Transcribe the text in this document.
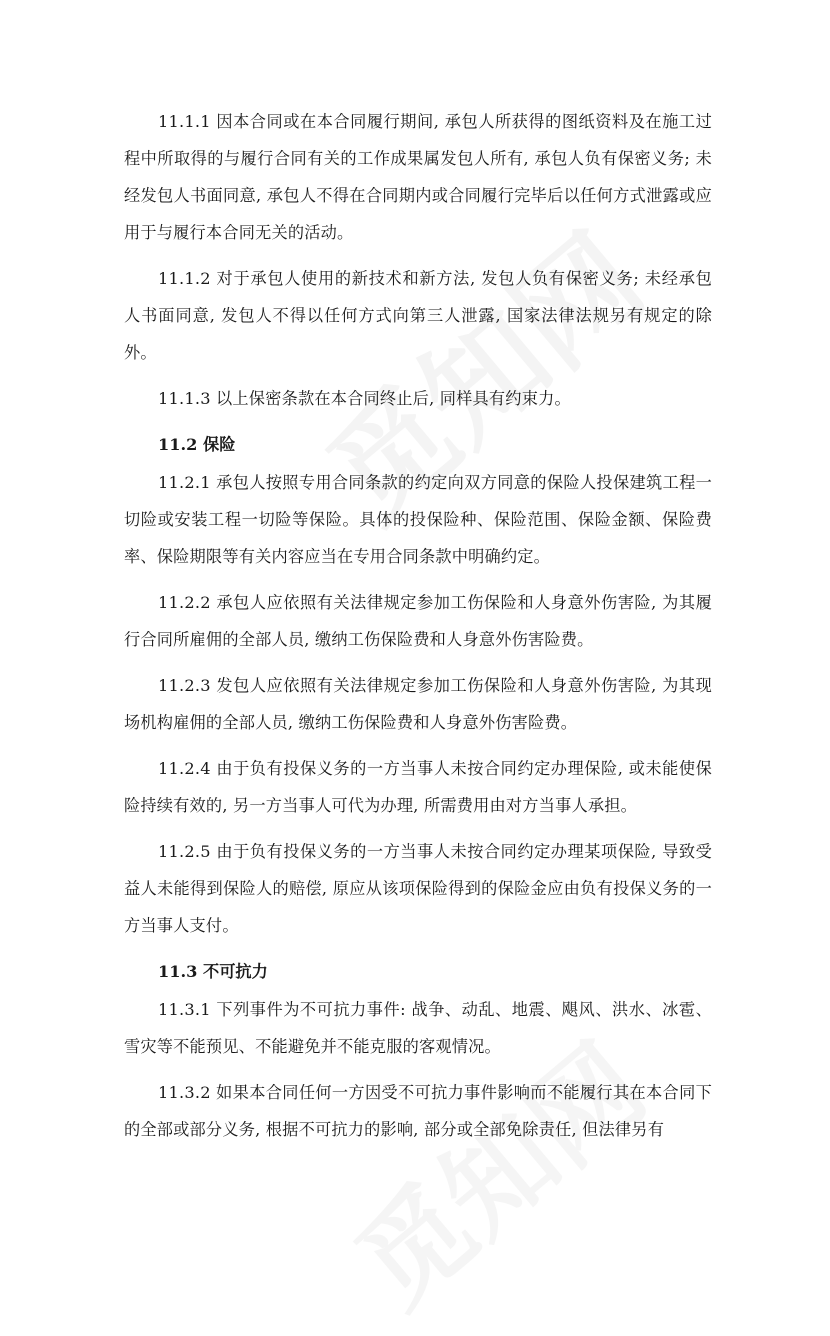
11.1.1 因本合同或在本合同履行期间, 承包人所获得的图纸资料及在施工过程中所取得的与履行合同有关的工作成果属发包人所有, 承包人负有保密义务; 未经发包人书面同意, 承包人不得在合同期内或合同履行完毕后以任何方式泄露或应用于与履行本合同无关的活动。

11.1.2 对于承包人使用的新技术和新方法, 发包人负有保密义务; 未经承包人书面同意, 发包人不得以任何方式向第三人泄露, 国家法律法规另有规定的除外。

11.1.3 以上保密条款在本合同终止后, 同样具有约束力。

11.2 保险

11.2.1 承包人按照专用合同条款的约定向双方同意的保险人投保建筑工程一切险或安装工程一切险等保险。具体的投保险种、保险范围、保险金额、保险费率、保险期限等有关内容应当在专用合同条款中明确约定。

11.2.2 承包人应依照有关法律规定参加工伤保险和人身意外伤害险, 为其履行合同所雇佣的全部人员, 缴纳工伤保险费和人身意外伤害险费。

11.2.3 发包人应依照有关法律规定参加工伤保险和人身意外伤害险, 为其现场机构雇佣的全部人员, 缴纳工伤保险费和人身意外伤害险费。

11.2.4 由于负有投保义务的一方当事人未按合同约定办理保险, 或未能使保险持续有效的, 另一方当事人可代为办理, 所需费用由对方当事人承担。

11.2.5 由于负有投保义务的一方当事人未按合同约定办理某项保险, 导致受益人未能得到保险人的赔偿, 原应从该项保险得到的保险金应由负有投保义务的一方当事人支付。

11.3 不可抗力

11.3.1 下列事件为不可抗力事件: 战争、动乱、地震、飓风、洪水、冰雹、雪灾等不能预见、不能避免并不能克服的客观情况。

11.3.2 如果本合同任何一方因受不可抗力事件影响而不能履行其在本合同下的全部或部分义务, 根据不可抗力的影响, 部分或全部免除责任, 但法律另有
